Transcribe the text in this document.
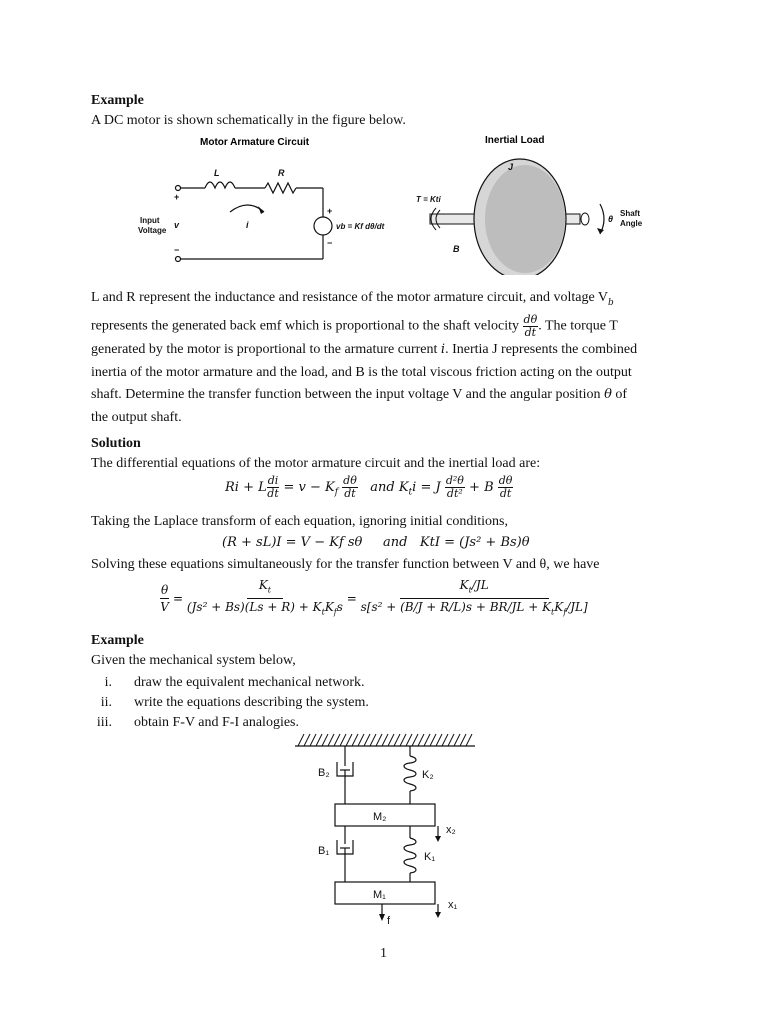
Example
A DC motor is shown schematically in the figure below.
Motor Armature Circuit	Inertial Load
L	R
i
+
−
Input
Voltage
v
+
−
vb = Kf dθ/dt
J
T = Kti
B
θ
Shaft
Angle
L and R represent the inductance and resistance of the motor armature circuit, and voltage $V_b$
represents the generated back emf which is proportional to the shaft velocity $\frac{d\theta}{dt}$ . The torque T
generated by the motor is proportional to the armature current i. Inertia J represents the combined
inertia of the motor armature and the load, and B is the total viscous friction acting on the output
shaft. Determine the transfer function between the input voltage V and the angular position θ of
the output shaft.
Solution
The differential equations of the motor armature circuit and the inertial load are:
Ri + L $\frac{di}{dt} = v - K_f \frac{d\theta}{dt}$ and $K_ti = J \frac{\text{d²θ}}{\text{dt²}} + B \frac{d\theta}{dt}$
Taking the Laplace transform of each equation, ignoring initial conditions,
(R + sL)I = V − Kf sθ     and   KtI = (Js² + Bs)θ
Solving these equations simultaneously for the transfer function between V and θ, we have
$\frac{\theta}{V} = \frac{K_t}{(Js^2 + Bs)(Ls + R) + K_tK_fs} = \frac{K_t/JL}{s[s^2 + (B/J + R/L)s + BR/JL + K_tK_f/JL]}$
Example
Given the mechanical system below,
i. draw the equivalent mechanical network.
ii. write the equations describing the system.
iii. obtain F-V and F-I analogies.
B₂	K₂
M₂
x₂
B₁	K₁
M₁
x₁
f
1
